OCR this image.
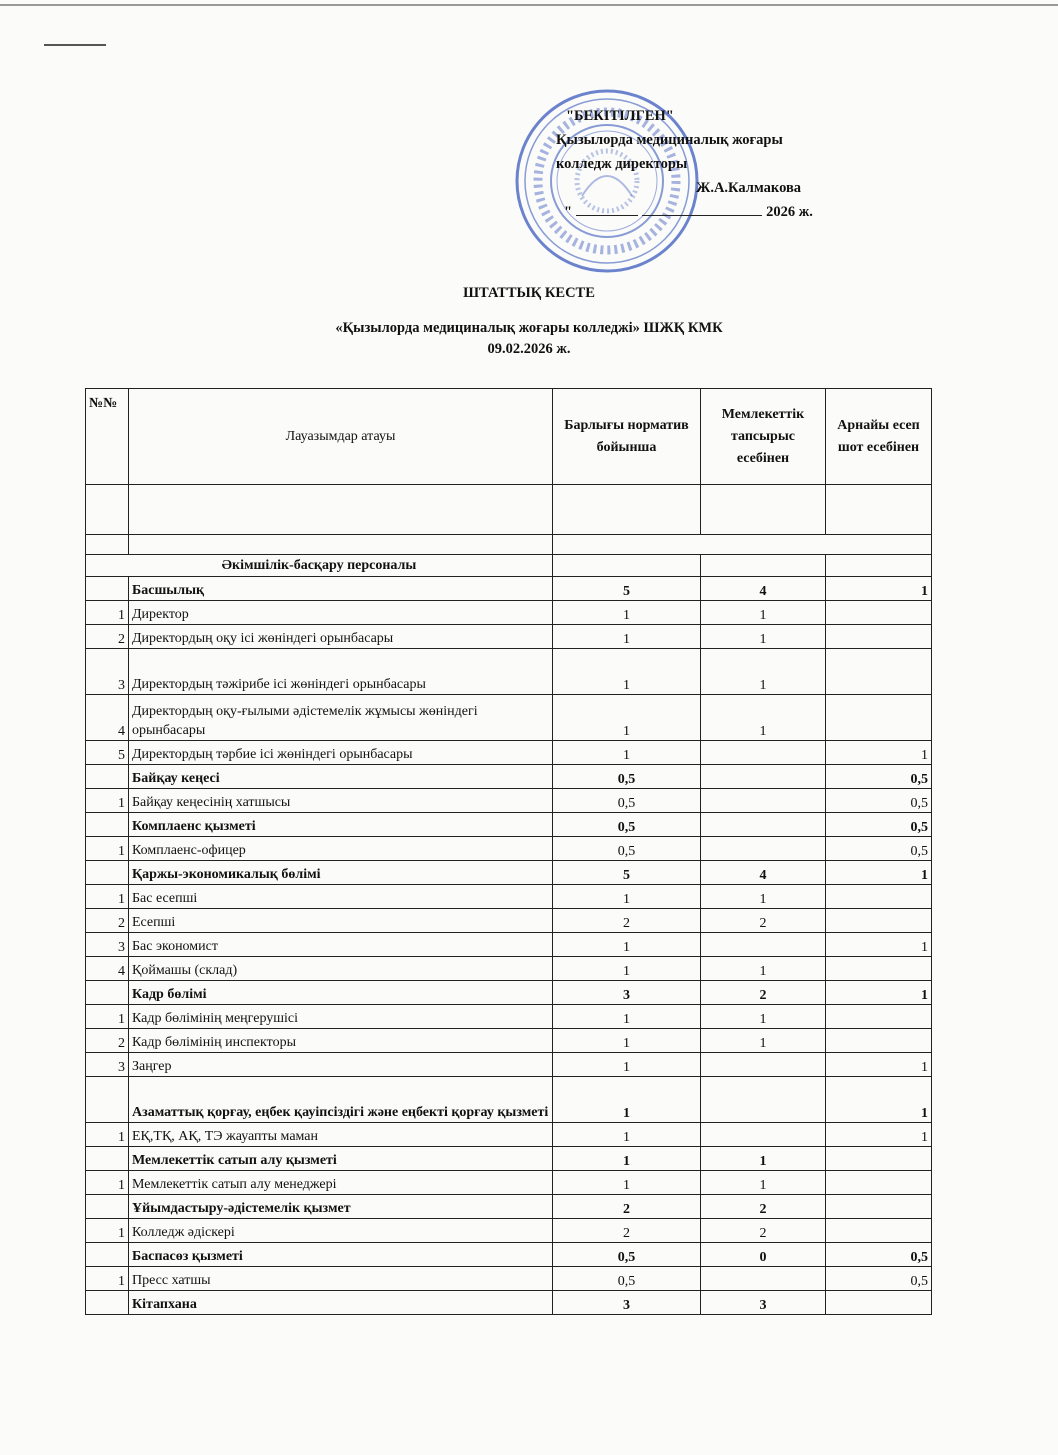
"БЕКІТІЛГЕН"
Қызылорда медициналық жоғары
колледж директоры
Ж.А.Калмакова
"	2026 ж.
ШТАТТЫҚ КЕСТЕ
«Қызылорда медициналық жоғары колледжі» ШЖҚ КМК
09.02.2026 ж.
№№	Лауазымдар атауы	Барлығы норматив бойынша	Мемлекеттік тапсырыс есебінен	Арнайы есеп шот есебінен

Әкімшілік-басқару персоналы				
	Басшылық	5	4	1
1	Директор	1	1	
2	Директордың оқу ісі жөніндегі орынбасары	1	1	
3	Директордың тәжірибе ісі жөніндегі орынбасары	1	1	
4	Директордың оқу-ғылыми әдістемелік жұмысы жөніндегі орынбасары	1	1	
5	Директордың тәрбие ісі жөніндегі орынбасары	1		1
	Байқау кеңесі	0,5		0,5
1	Байқау кеңесінің хатшысы	0,5		0,5
	Комплаенс қызметі	0,5		0,5
1	Комплаенс-офицер	0,5		0,5
	Қаржы-экономикалық бөлімі	5	4	1
1	Бас есепші	1	1	
2	Есепші	2	2	
3	Бас экономист	1		1
4	Қоймашы (склад)	1	1	
	Кадр бөлімі	3	2	1
1	Кадр бөлімінің меңгерушісі	1	1	
2	Кадр бөлімінің инспекторы	1	1	
3	Заңгер	1		1
	Азаматтық қорғау, еңбек қауіпсіздігі және еңбекті қорғау қызметі	1		1
1	ЕҚ,ТҚ, АҚ, ТЭ жауапты маман	1		1
	Мемлекеттік сатып алу қызметі	1	1	
1	Мемлекеттік сатып алу менеджері	1	1	
	Ұйымдастыру-әдістемелік қызмет	2	2	
1	Колледж әдіскері	2	2	
	Баспасөз қызметі	0,5	0	0,5
1	Пресс хатшы	0,5		0,5
	Кітапхана	3	3	
